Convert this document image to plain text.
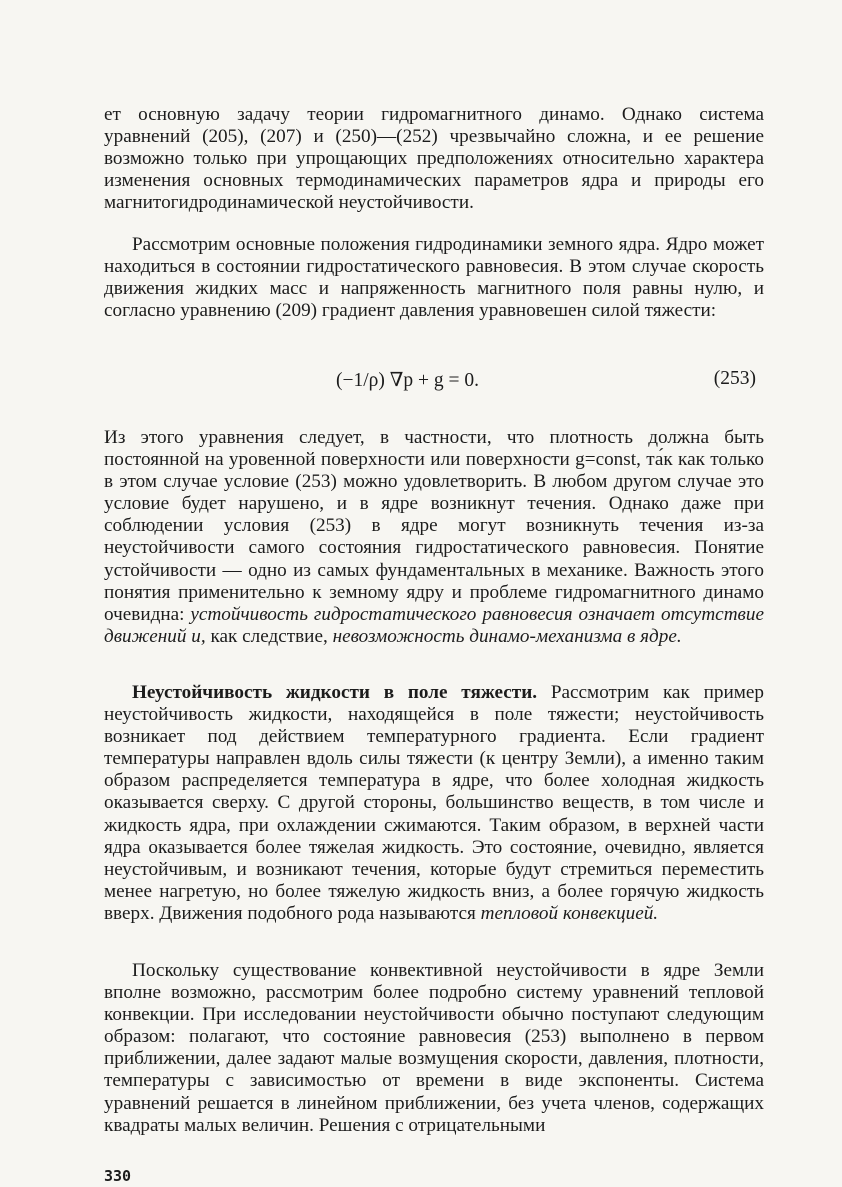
ет основную задачу теории гидромагнитного динамо. Однако система уравнений (205), (207) и (250)—(252) чрезвычайно сложна, и ее решение возможно только при упрощающих предположениях относительно характера изменения основных термодинамических параметров ядра и природы его магнитогидродинамической неустойчивости.

Рассмотрим основные положения гидродинамики земного ядра. Ядро может находиться в состоянии гидростатического равновесия. В этом случае скорость движения жидких масс и напряженность магнитного поля равны нулю, и согласно уравнению (209) градиент давления уравновешен силой тяжести:

(−1/ρ) ∇p + g = 0.	(253)

Из этого уравнения следует, в частности, что плотность должна быть постоянной на уровенной поверхности или поверхности g=const, та́к как только в этом случае условие (253) можно удовлетворить. В любом другом случае это условие будет нарушено, и в ядре возникнут течения. Однако даже при соблюдении условия (253) в ядре могут возникнуть течения из-за неустойчивости самого состояния гидростатического равновесия. Понятие устойчивости — одно из самых фундаментальных в механике. Важность этого понятия применительно к земному ядру и проблеме гидромагнитного динамо очевидна: устойчивость гидростатического равновесия означает отсутствие движений и, как следствие, невозможность динамо-механизма в ядре.

Неустойчивость жидкости в поле тяжести. Рассмотрим как пример неустойчивость жидкости, находящейся в поле тяжести; неустойчивость возникает под действием температурного градиента. Если градиент температуры направлен вдоль силы тяжести (к центру Земли), а именно таким образом распределяется температура в ядре, что более холодная жидкость оказывается сверху. С другой стороны, большинство веществ, в том числе и жидкость ядра, при охлаждении сжимаются. Таким образом, в верхней части ядра оказывается более тяжелая жидкость. Это состояние, очевидно, является неустойчивым, и возникают течения, которые будут стремиться переместить менее нагретую, но более тяжелую жидкость вниз, а более горячую жидкость вверх. Движения подобного рода называются тепловой конвекцией.

Поскольку существование конвективной неустойчивости в ядре Земли вполне возможно, рассмотрим более подробно систему уравнений тепловой конвекции. При исследовании неустойчивости обычно поступают следующим образом: полагают, что состояние равновесия (253) выполнено в первом приближении, далее задают малые возмущения скорости, давления, плотности, температуры с зависимостью от времени в виде экспоненты. Система уравнений решается в линейном приближении, без учета членов, содержащих квадраты малых величин. Решения с отрицательными

330
